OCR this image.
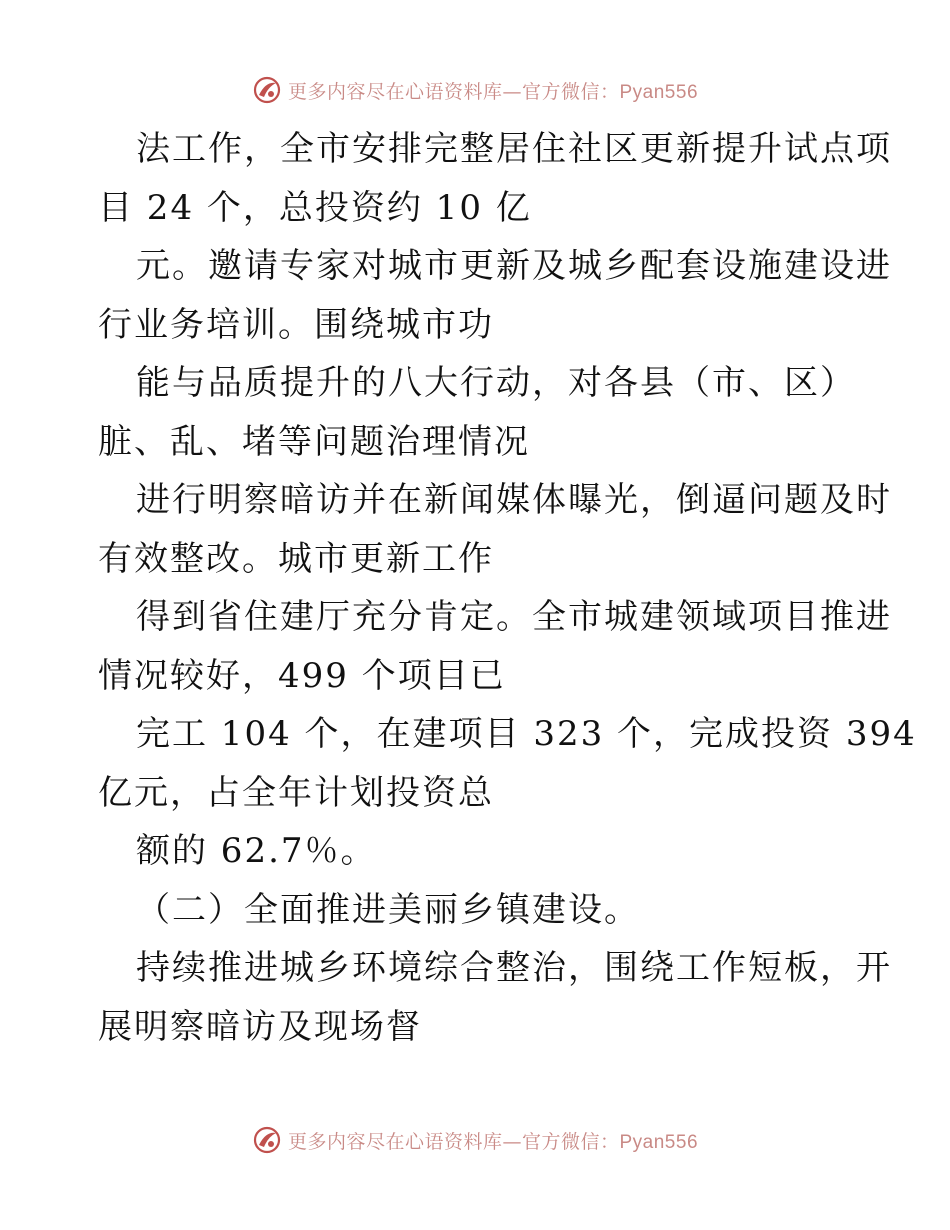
更多内容尽在心语资料库—官方微信：Pyan556
法工作，全市安排完整居住社区更新提升试点项
目 24 个，总投资约 10 亿
元。邀请专家对城市更新及城乡配套设施建设进
行业务培训。围绕城市功
能与品质提升的八大行动，对各县（市、区）
脏、乱、堵等问题治理情况
进行明察暗访并在新闻媒体曝光，倒逼问题及时
有效整改。城市更新工作
得到省住建厅充分肯定。全市城建领域项目推进
情况较好，499 个项目已
完工 104 个，在建项目 323 个，完成投资 394
亿元，占全年计划投资总
额的 62.7％。
（二）全面推进美丽乡镇建设。
持续推进城乡环境综合整治，围绕工作短板，开
展明察暗访及现场督
更多内容尽在心语资料库—官方微信：Pyan556
